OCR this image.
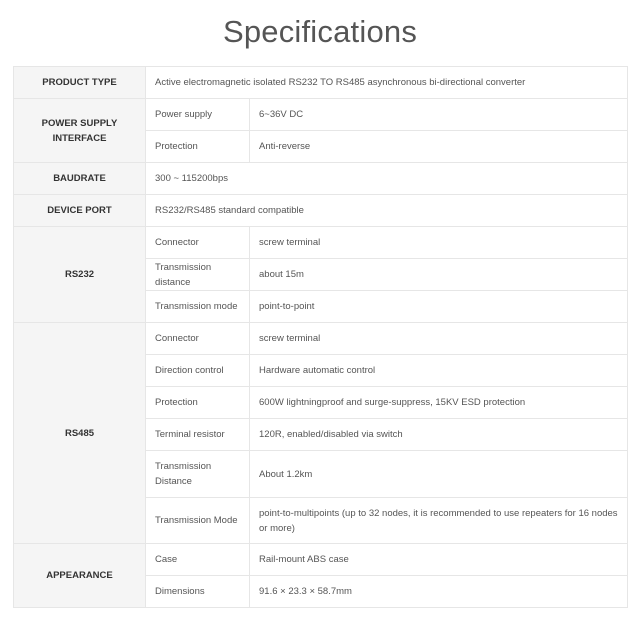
Specifications
PRODUCT TYPE	Active electromagnetic isolated RS232 TO RS485 asynchronous bi-directional converter	
POWER SUPPLY INTERFACE	Power supply	6~36V DC
	Protection	Anti-reverse
BAUDRATE	300 ~ 115200bps	
DEVICE PORT	RS232/RS485 standard compatible	
RS232	Connector	screw terminal
	Transmission distance	about 15m
	Transmission mode	point-to-point
RS485	Connector	screw terminal
	Direction control	Hardware automatic control
	Protection	600W lightningproof and surge-suppress, 15KV ESD protection
	Terminal resistor	120R, enabled/disabled via switch
	Transmission Distance	About 1.2km
	Transmission Mode	point-to-multipoints (up to 32 nodes, it is recommended to use repeaters for 16 nodes or more)
APPEARANCE	Case	Rail-mount ABS case
	Dimensions	91.6 × 23.3 × 58.7mm
